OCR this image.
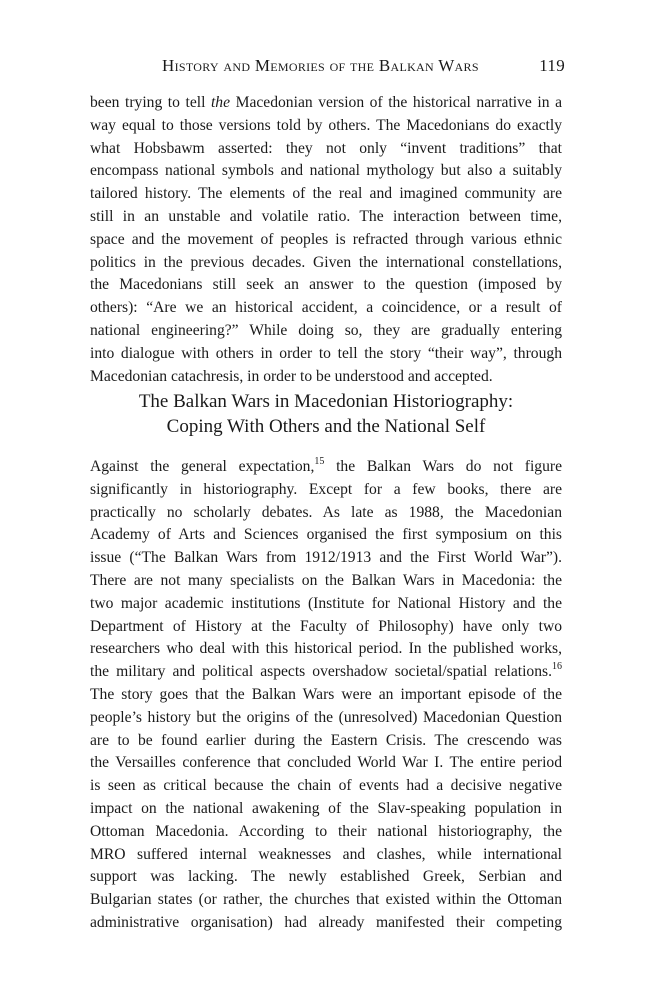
History and Memories of the Balkan Wars	119
been trying to tell the Macedonian version of the historical narrative in a
way equal to those versions told by others. The Macedonians do exactly
what Hobsbawm asserted: they not only “invent traditions” that
encompass national symbols and national mythology but also a suitably
tailored history. The elements of the real and imagined community are
still in an unstable and volatile ratio. The interaction between time,
space and the movement of peoples is refracted through various ethnic
politics in the previous decades. Given the international constellations,
the Macedonians still seek an answer to the question (imposed by
others): “Are we an historical accident, a coincidence, or a result of
national engineering?” While doing so, they are gradually entering
into dialogue with others in order to tell the story “their way”, through
Macedonian catachresis, in order to be understood and accepted.
The Balkan Wars in Macedonian Historiography:
Coping With Others and the National Self
Against the general expectation,$^{15}$ the Balkan Wars do not figure
significantly in historiography. Except for a few books, there are
practically no scholarly debates. As late as 1988, the Macedonian
Academy of Arts and Sciences organised the first symposium on this
issue (“The Balkan Wars from 1912/1913 and the First World War”).
There are not many specialists on the Balkan Wars in Macedonia: the
two major academic institutions (Institute for National History and the
Department of History at the Faculty of Philosophy) have only two
researchers who deal with this historical period. In the published works,
the military and political aspects overshadow societal/spatial relations.$^{16}$
The story goes that the Balkan Wars were an important episode of the
people’s history but the origins of the (unresolved) Macedonian Question
are to be found earlier during the Eastern Crisis. The crescendo was
the Versailles conference that concluded World War I. The entire period
is seen as critical because the chain of events had a decisive negative
impact on the national awakening of the Slav-speaking population in
Ottoman Macedonia. According to their national historiography, the
MRO suffered internal weaknesses and clashes, while international
support was lacking. The newly established Greek, Serbian and
Bulgarian states (or rather, the churches that existed within the Ottoman
administrative organisation) had already manifested their competing
